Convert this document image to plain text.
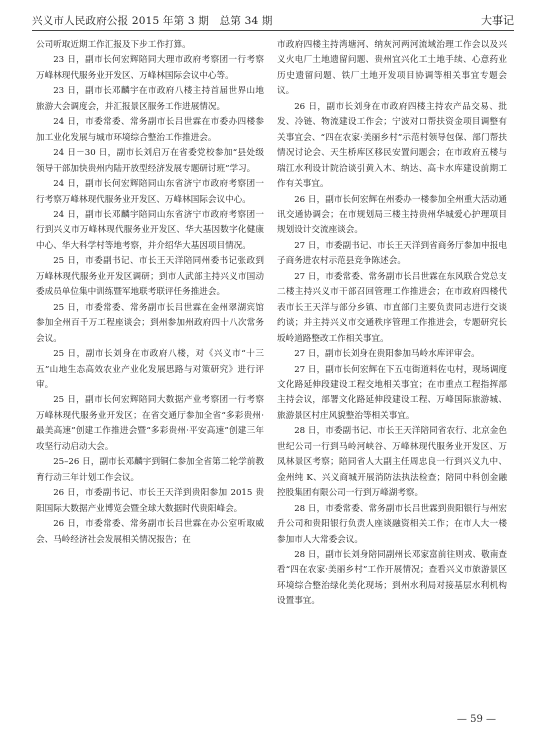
兴义市人民政府公报 2015 年第 3 期　总第 34 期	大事记

公司听取近期工作汇报及下步工作打算。

23 日，副市长何宏辉陪同大理市政府考察团一行考察万峰林现代服务业开发区、万峰林国际会议中心等。

23 日，副市长邓麟宇在市政府八楼主持首届世界山地旅游大会调度会，并汇报景区服务工作进展情况。

24 日，市委常委、常务副市长吕世霖在市委办四楼参加工业化发展与城市环境综合整治工作推进会。

24 日－30 日，副市长刘启万在省委党校参加“县处级领导干部加快贵州内陆开放型经济发展专题研讨班”学习。

24 日，副市长何宏辉陪同山东省济宁市政府考察团一行考察万峰林现代服务业开发区、万峰林国际会议中心。

24 日，副市长邓麟宇陪同山东省济宁市政府考察团一行到兴义市万峰林现代服务业开发区、华大基因数字化健康中心、华大科学村等地考察，并介绍华大基因项目情况。

25 日，市委副书记、市长王天洋陪同州委书记张政到万峰林现代服务业开发区调研；到市人武部主持兴义市国动委成员单位集中训练暨军地联考联评任务推进会。

25 日，市委常委、常务副市长吕世霖在金州翠湖宾馆参加全州百千万工程座谈会；到州参加州政府四十八次常务会议。

25 日，副市长刘身在市政府八楼，对《兴义市“十三五”山地生态高效农业产业化发展思路与对策研究》进行评审。

25 日，副市长何宏辉陪同大数据产业考察团一行考察万峰林现代服务业开发区；在省交通厅参加全省“多彩贵州·最美高速”创建工作推进会暨“多彩贵州·平安高速”创建三年攻坚行动启动大会。

25–26 日，副市长邓麟宇到铜仁参加全省第二轮学前教育行动三年计划工作会议。

26 日，市委副书记、市长王天洋到贵阳参加 2015 贵阳国际大数据产业博览会暨全球大数据时代贵阳峰会。

26 日，市委常委、常务副市长吕世霖在办公室听取威会、马岭经济社会发展相关情况报告；在

市政府四楼主持湾塘河、纳灰河两河流域治理工作会以及兴义火电厂土地遗留问题、贵州宜兴化工土地手续、心意药业历史遗留问题、铁厂土地开发项目协调等相关事宜专题会议。

26 日，副市长刘身在市政府四楼主持农产品交易、批发、冷链、物流建设工作会；宁波对口帮扶资金项目调整有关事宜会、“四在农家·美丽乡村”示范村领导包保、部门帮扶情况讨论会、天生桥库区移民安置问题会；在市政府五楼与瑞江水利设计院洽谈引黄入木、纳达、高卡水库建设前期工作有关事宜。

26 日，副市长何宏辉在州委办一楼参加全州重大活动通讯交通协调会；在市规划局三楼主持贵州华城爱心护理项目规划设计交流座谈会。

27 日，市委副书记、市长王天洋到省商务厅参加申报电子商务进农村示范县竞争陈述会。

27 日，市委常委、常务副市长吕世霖在东风联合党总支二楼主持兴义市干部召回管理工作推进会；在市政府四楼代表市长王天洋与部分乡镇、市直部门主要负责同志进行交谈约谈；并主持兴义市交通秩序管理工作推进会，专题研究长坂岭道路整改工作相关事宜。

27 日，副市长刘身在贵阳参加马岭水库评审会。

27 日，副市长何宏辉在下五屯街道料佐屯村，现场调度文化路延伸段建设工程交地相关事宜；在市重点工程指挥部主持会议，部署文化路延伸段建设工程、万峰国际旅游城、旅游景区村庄风貌整治等相关事宜。

28 日，市委副书记、市长王天洋陪同省农行、北京金色世纪公司一行到马岭河峡谷、万峰林现代服务业开发区、万凤林景区考察；陪同省人大副主任周忠良一行到兴义九中、金州纯 K、兴义商城开展消防法执法检查；陪同中科创金融控股集团有限公司一行到万峰湖考察。

28 日，市委常委、常务副市长吕世霖到贵阳银行与州宏升公司和贵阳银行负责人座谈融资相关工作；在市人大一楼参加市人大常委会议。

28 日，副市长刘身陪同副州长邓家富前往则戎、敬南查看“四在农家·美丽乡村”工作开展情况；查看兴义市旅游景区环境综合整治绿化美化现场；到州水利局对接基层水利机构设置事宜。

— 59 —
